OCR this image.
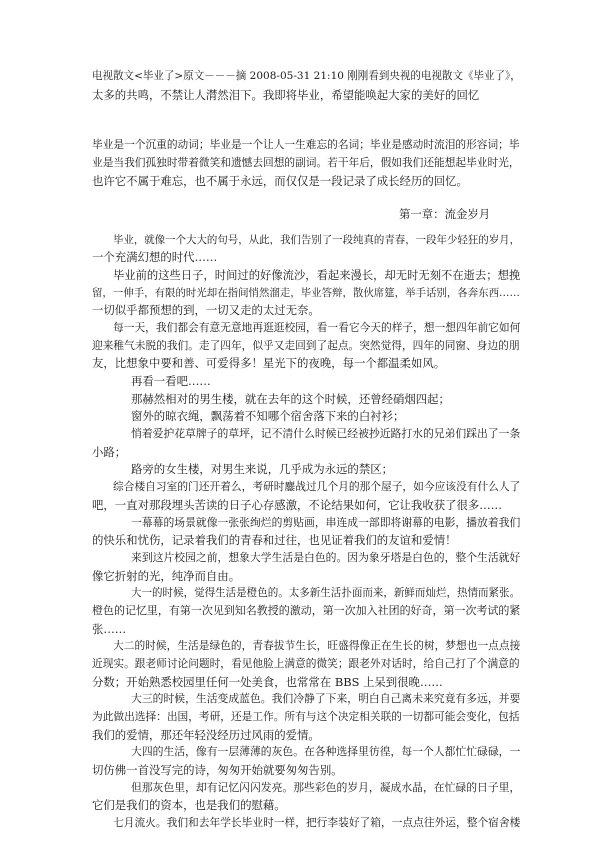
电视散文<毕业了>原文－－－摘 2008-05-31 21:10 刚刚看到央视的电视散文《毕业了》，
太多的共鸣，不禁让人潸然泪下。我即将毕业，希望能唤起大家的美好的回忆
毕业是一个沉重的动词；毕业是一个让人一生难忘的名词；毕业是感动时流泪的形容词；毕
业是当我们孤独时带着微笑和遗憾去回想的副词。若干年后，假如我们还能想起毕业时光，
也许它不属于难忘，也不属于永远，而仅仅是一段记录了成长经历的回忆。
第一章：流金岁月
毕业，就像一个大大的句号，从此，我们告别了一段纯真的青春，一段年少轻狂的岁月，
一个充满幻想的时代……
毕业前的这些日子，时间过的好像流沙，看起来漫长，却无时无刻不在逝去；想挽
留，一伸手，有限的时光却在指间悄然溜走，毕业答辩，散伙席筵，举手话别，各奔东西……
一切似乎都预想的到，一切又走的太过无奈。
每一天，我们都会有意无意地再逛逛校园，看一看它今天的样子，想一想四年前它如何
迎来稚气未脱的我们。走了四年，似乎又走回到了起点。突然觉得，四年的同窗、身边的朋
友，比想象中要和善、可爱得多！星光下的夜晚，每一个都温柔如风。
再看一看吧……
那赫然相对的男生楼，就在去年的这个时候，还曾经硝烟四起；
窗外的晾衣绳，飘荡着不知哪个宿舍落下来的白衬衫；
悄着爱护花草牌子的草坪，记不清什么时候已经被抄近路打水的兄弟们踩出了一条
小路；
路旁的女生楼，对男生来说，几乎成为永远的禁区；
综合楼自习室的门还开着么，考研时鏖战过几个月的那个屋子，如今应该没有什么人了
吧，一直对那段埋头苦读的日子心存感激，不论结果如何，它让我收获了很多……
一幕幕的场景就像一张张绚烂的剪贴画，串连成一部即将谢幕的电影，播放着我们
的快乐和忧伤，记录着我们的青春和过往，也见证着我们的友谊和爱情！
来到这片校园之前，想象大学生活是白色的。因为象牙塔是白色的，整个生活就好
像它折射的光，纯净而自由。
大一的时候，觉得生活是橙色的。太多新生活扑面而来，新鲜而灿烂，热情而紧张。
橙色的记忆里，有第一次见到知名教授的激动，第一次加入社团的好奇，第一次考试的紧
张……
大二的时候，生活是绿色的，青春拔节生长，旺盛得像正在生长的树，梦想也一点点接
近现实。跟老师讨论问题时，看见他脸上满意的微笑；跟老外对话时，给自己打了个满意的
分数；开始熟悉校园里任何一处美食，也常常在 BBS 上呆到很晚……
大三的时候，生活变成蓝色。我们冷静了下来，明白自己离未来究竟有多远，并要
为此做出选择：出国，考研，还是工作。所有与这个决定相关联的一切都可能会变化，包括
我们的爱情，那还年轻没经历过风雨的爱情。
大四的生活，像有一层薄薄的灰色。在各种选择里彷徨，每一个人都忙忙碌碌，一
切仿佛一首没写完的诗，匆匆开始就要匆匆告别。
但那灰色里，却有记忆闪闪发亮。那些彩色的岁月，凝成水晶，在忙碌的日子里，
它们是我们的资本，也是我们的慰藉。
七月流火。我们和去年学长毕业时一样，把行李装好了箱，一点点往外运，整个宿舍楼
